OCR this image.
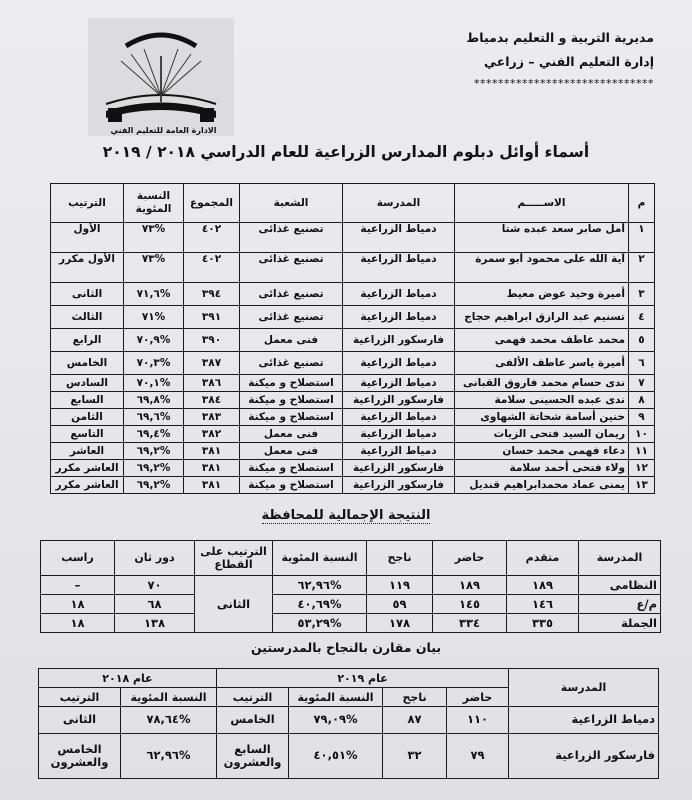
مديرية التربية و التعليم بدمياط
إدارة التعليم الفني – زراعي
******************************
الادارة العامة للتعليم الفني
أسماء أوائل دبلوم المدارس الزراعية للعام الدراسي ٢٠١٨ / ٢٠١٩
م	الاســـــم	المدرسة	الشعبة	المجموع	النسبة المئوية	الترتيب
١	أمل صابر سعد عبده شتا	دمياط الزراعية	تصنيع غذائى	٤٠٢	%٧٣	الأول
٢	آية الله على محمود أبو سمرة	دمياط الزراعية	تصنيع غذائى	٤٠٢	%٧٣	الأول مكرر
٣	أميرة وحيد عوض معيط	دمياط الزراعية	تصنيع غذائى	٣٩٤	%٧١,٦	الثانى
٤	تسنيم عبد الرازق ابراهيم حجاج	دمياط الزراعية	تصنيع غذائى	٣٩١	%٧١	الثالث
٥	محمد عاطف محمد فهمى	فارسكور الزراعية	فنى معمل	٣٩٠	%٧٠,٩	الرابع
٦	أميرة ياسر عاطف الألفى	دمياط الزراعية	تصنيع غذائى	٣٨٧	%٧٠,٣	الخامس
٧	ندى حسام محمد فاروق القبانى	دمياط الزراعية	استصلاح و ميكنة	٣٨٦	%٧٠,١	السادس
٨	ندى عبده الحسينى سلامة	فارسكور الزراعية	استصلاح و ميكنة	٣٨٤	%٦٩,٨	السابع
٩	حنين أسامة شحاتة الشهاوى	دمياط الزراعية	استصلاح و ميكنة	٣٨٣	%٦٩,٦	الثامن
١٠	ريمان السيد فتحى الزيات	دمياط الزراعية	فنى معمل	٣٨٢	%٦٩,٤	التاسع
١١	دعاء فهمى محمد حسان	دمياط الزراعية	فنى معمل	٣٨١	%٦٩,٢	العاشر
١٢	ولاء فتحى أحمد سلامة	فارسكور الزراعية	استصلاح و ميكنة	٣٨١	%٦٩,٢	العاشر مكرر
١٣	يمنى عماد محمدابراهيم قنديل	فارسكور الزراعية	استصلاح و ميكنة	٣٨١	%٦٩,٢	العاشر مكرر
النتيجة الإجمالية للمحافظة
المدرسة	متقدم	حاضر	ناجح	النسبة المئوية	الترتيب على القطاع	دور ثان	راسب
النظامى	١٨٩	١٨٩	١١٩	%٦٢,٩٦	الثانى	٧٠	–
م/ع	١٤٦	١٤٥	٥٩	%٤٠,٦٩		٦٨	١٨
الجملة	٣٣٥	٣٣٤	١٧٨	%٥٣,٢٩		١٣٨	١٨
بيان مقارن بالنجاح بالمدرستين
المدرسة	عام ٢٠١٩				عام ٢٠١٨	
	حاضر	ناجح	النسبة المئوية	الترتيب	النسبة المئوية	الترتيب
دمياط الزراعية	١١٠	٨٧	%٧٩,٠٩	الخامس	%٧٨,٦٤	الثانى
فارسكور الزراعية	٧٩	٣٢	%٤٠,٥١	السابع والعشرون	%٦٢,٩٦	الخامس والعشرون
